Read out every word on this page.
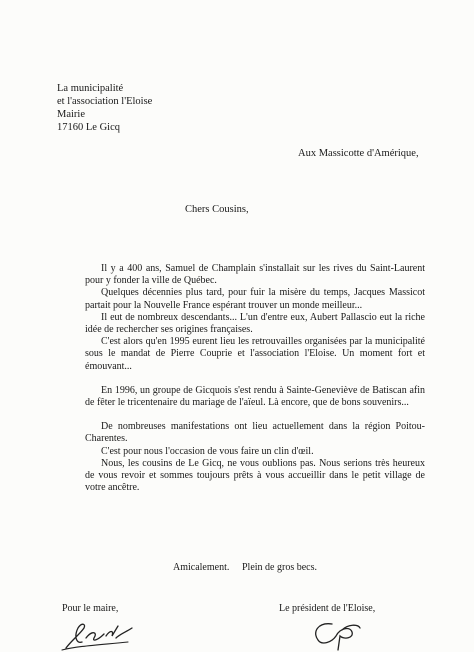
La municipalité
et l'association l'Eloise
Mairie
17160 Le Gicq
Aux Massicotte d'Amérique,
Chers Cousins,

Il y a 400 ans, Samuel de Champlain s'installait sur les rives du Saint-Laurent pour y fonder la ville de Québec.

Quelques décennies plus tard, pour fuir la misère du temps, Jacques Massicot partait pour la Nouvelle France espérant trouver un monde meilleur...

Il eut de nombreux descendants... L'un d'entre eux, Aubert Pallascio eut la riche idée de rechercher ses origines françaises.

C'est alors qu'en 1995 eurent lieu les retrouvailles organisées par la municipalité sous le mandat de Pierre Couprie et l'association l'Eloise. Un moment fort et émouvant...

En 1996, un groupe de Gicquois s'est rendu à Sainte-Geneviève de Batiscan afin de fêter le tricentenaire du mariage de l'aïeul. Là encore, que de bons souvenirs...

De nombreuses manifestations ont lieu actuellement dans la région Poitou-Charentes.

C'est pour nous l'occasion de vous faire un clin d'œil.

Nous, les cousins de Le Gicq, ne vous oublions pas. Nous serions très heureux de vous revoir et sommes toujours prêts à vous accueillir dans le petit village de votre ancêtre.

Amicalement. Plein de gros becs.
Pour le maire,	Le président de l'Eloise,
